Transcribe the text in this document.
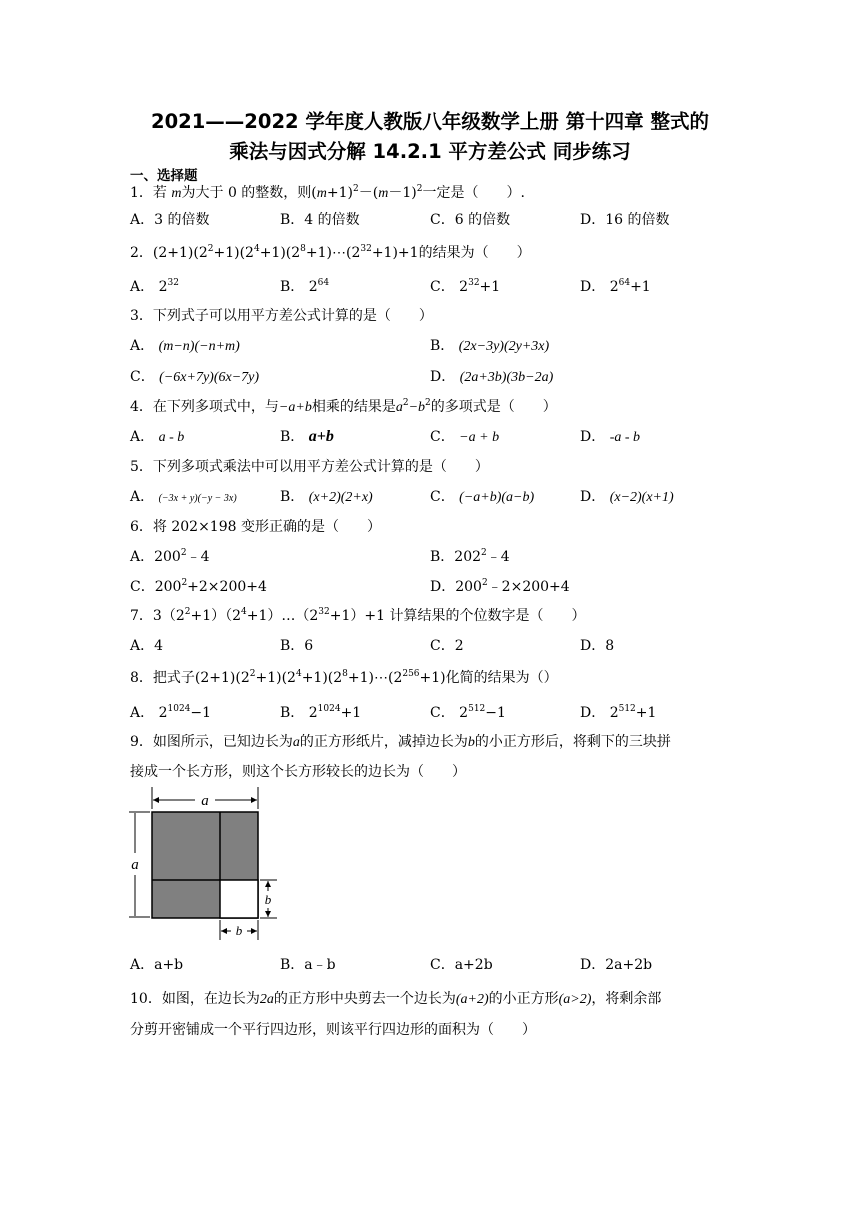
2021——2022 学年度人教版八年级数学上册 第十四章 整式的
乘法与因式分解 14.2.1 平方差公式 同步练习
一、选择题
1．若 m为大于 0 的整数，则$(m+1)^2-(m-1)^2$一定是（　　）.
A．3 的倍数	B．4 的倍数	C．6 的倍数	D．16 的倍数
2．$(2+1)(2^2+1)(2^4+1)(2^8+1)\cdots(2^{32}+1)+1$的结果为（　　）
A． $2^{32}$	B． $2^{64}$	C． $2^{32}+1$	D． $2^{64}+1$
3．下列式子可以用平方差公式计算的是（　　）
A． (m−n)(−n+m)	B． (2x−3y)(2y+3x)
C． (−6x+7y)(6x−7y)	D． (2a+3b)(3b−2a)
4．在下列多项式中，与−a+b相乘的结果是$a^2-b^2$的多项式是（　　）
A． a - b	B． a+b	C． −a + b	D． -a - b
5．下列多项式乘法中可以用平方差公式计算的是（　　）
A． (−3x + y)(−y − 3x)	B． (x+2)(2+x)	C． (−a+b)(a−b)	D． (x−2)(x+1)
6．将 202×198 变形正确的是（　　）
A．$200^2﹣4$	B．$202^2﹣4$
C．$200^2+2\times 200+4$	D．$200^2﹣2\times 200+4$
7．$3(2^2+1)(2^4+1)\dots(2^{32}+1)+1$ 计算结果的个位数字是（　　）
A．4	B．6	C．2	D．8
8．把式子$(2+1)(2^2+1)(2^4+1)(2^8+1)\cdots(2^{256}+1)$化简的结果为（）
A． $2^{1024}-1$	B． $2^{1024}+1$	C． $2^{512}-1$	D． $2^{512}+1$
9．如图所示，已知边长为a的正方形纸片，减掉边长为b的小正方形后，将剩下的三块拼
接成一个长方形，则这个长方形较长的边长为（　　）
a
a
b
b
A．a+b	B．a﹣b	C．a+2b	D．2a+2b
10．如图，在边长为2a的正方形中央剪去一个边长为(a+2)的小正方形(a>2)，将剩余部
分剪开密铺成一个平行四边形，则该平行四边形的面积为（　　）
